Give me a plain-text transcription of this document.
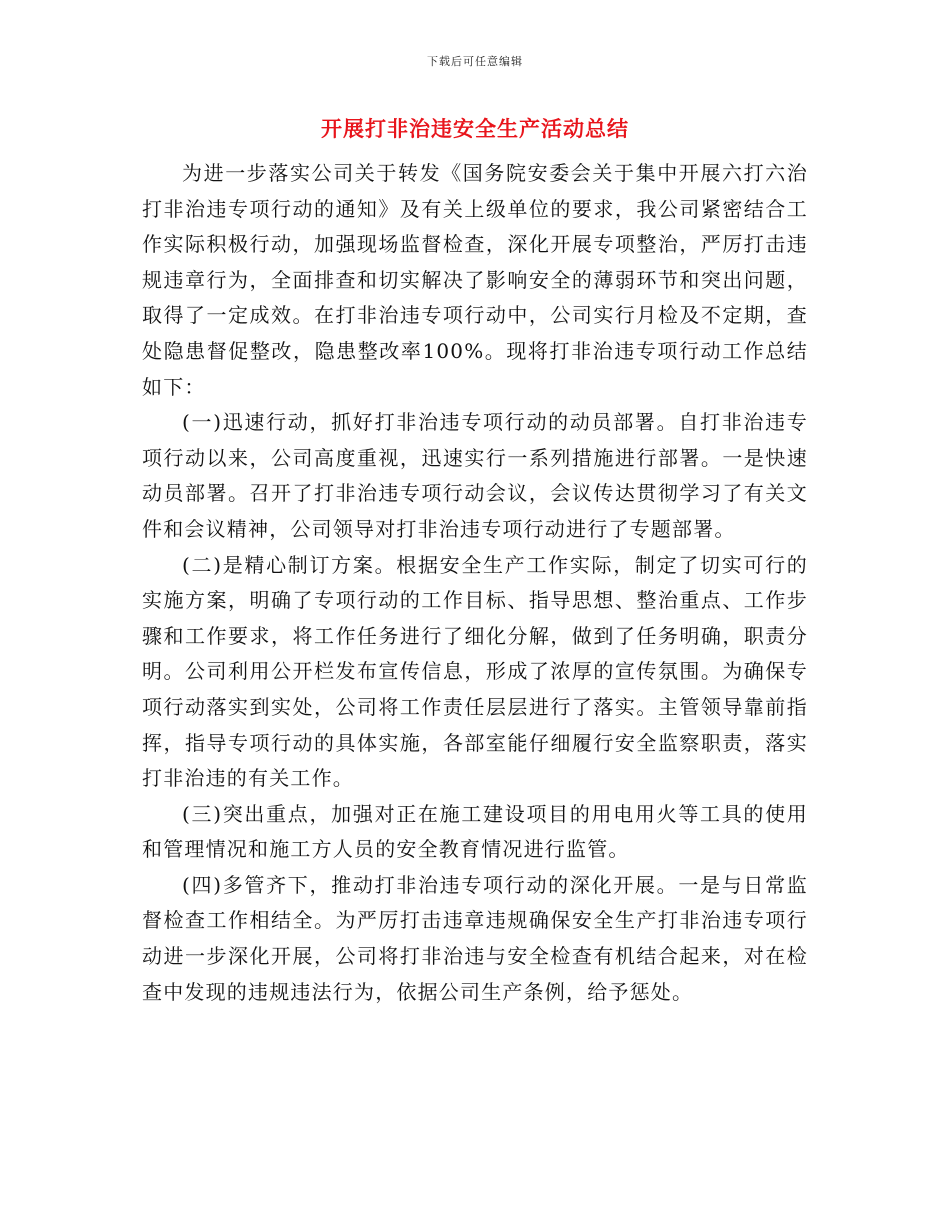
下载后可任意编辑
开展打非治违安全生产活动总结

为进一步落实公司关于转发《国务院安委会关于集中开展六打六治打非治违专项行动的通知》及有关上级单位的要求，我公司紧密结合工作实际积极行动，加强现场监督检查，深化开展专项整治，严厉打击违规违章行为，全面排查和切实解决了影响安全的薄弱环节和突出问题，取得了一定成效。在打非治违专项行动中，公司实行月检及不定期，查处隐患督促整改，隐患整改率100%。现将打非治违专项行动工作总结如下：

(一)迅速行动，抓好打非治违专项行动的动员部署。自打非治违专项行动以来，公司高度重视，迅速实行一系列措施进行部署。一是快速动员部署。召开了打非治违专项行动会议，会议传达贯彻学习了有关文件和会议精神，公司领导对打非治违专项行动进行了专题部署。

(二)是精心制订方案。根据安全生产工作实际，制定了切实可行的实施方案，明确了专项行动的工作目标、指导思想、整治重点、工作步骤和工作要求，将工作任务进行了细化分解，做到了任务明确，职责分明。公司利用公开栏发布宣传信息，形成了浓厚的宣传氛围。为确保专项行动落实到实处，公司将工作责任层层进行了落实。主管领导靠前指挥，指导专项行动的具体实施，各部室能仔细履行安全监察职责，落实打非治违的有关工作。

(三)突出重点，加强对正在施工建设项目的用电用火等工具的使用和管理情况和施工方人员的安全教育情况进行监管。

(四)多管齐下，推动打非治违专项行动的深化开展。一是与日常监督检查工作相结全。为严厉打击违章违规确保安全生产打非治违专项行动进一步深化开展，公司将打非治违与安全检查有机结合起来，对在检查中发现的违规违法行为，依据公司生产条例，给予惩处。
